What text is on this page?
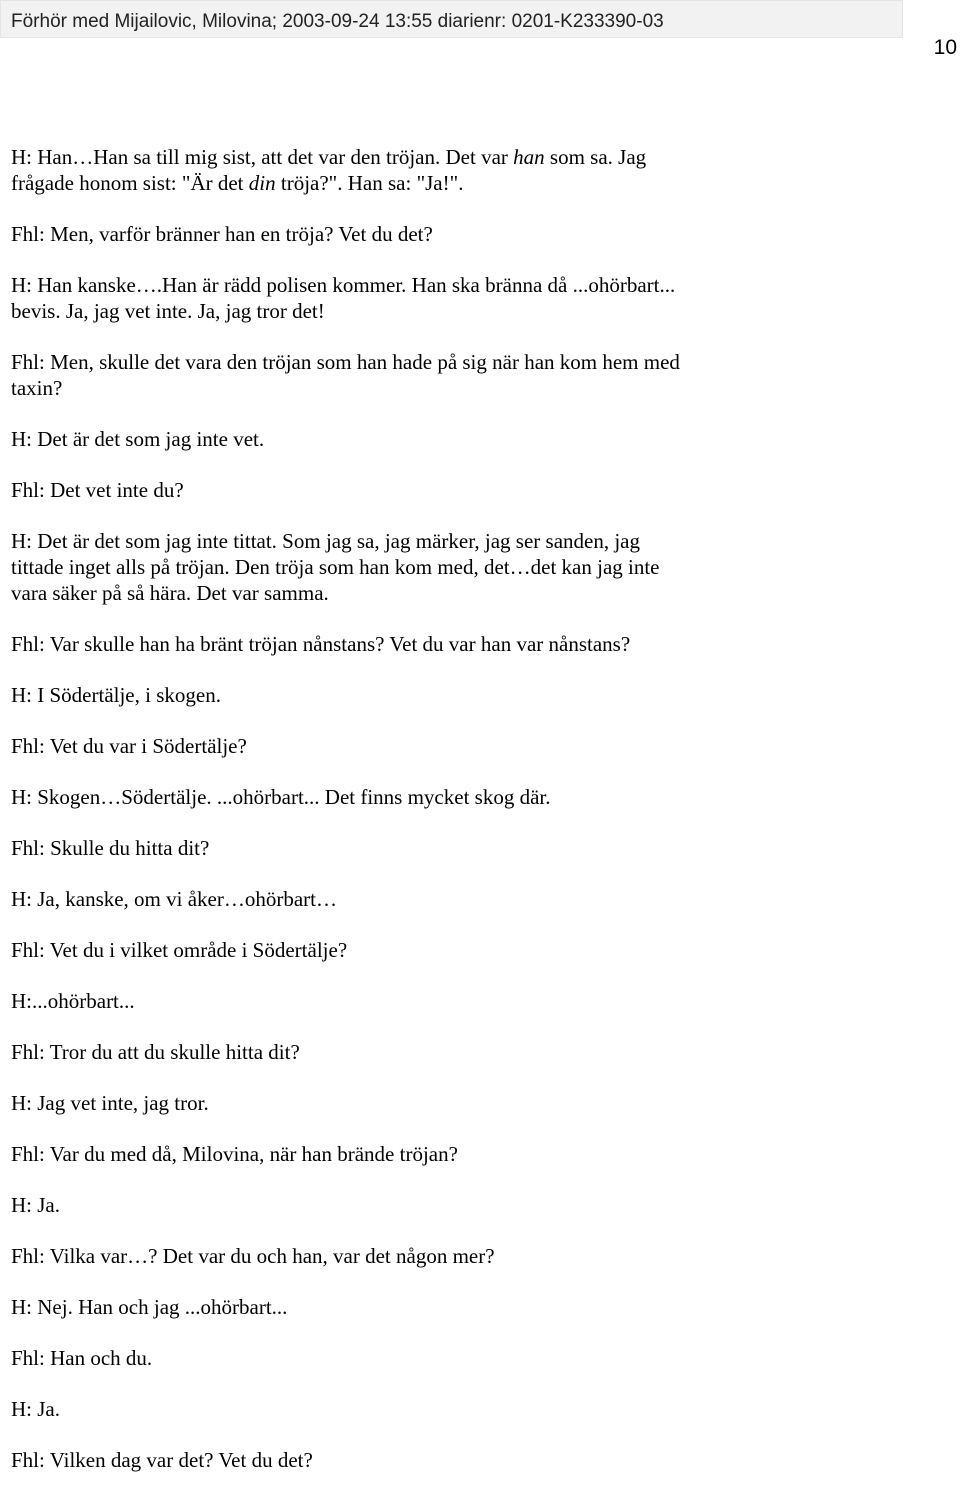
Förhör med Mijailovic, Milovina; 2003-09-24 13:55 diarienr: 0201-K233390-03
10

H: Han…Han sa till mig sist, att det var den tröjan. Det var han som sa. Jag
frågade honom sist: "Är det din tröja?". Han sa: "Ja!".

Fhl: Men, varför bränner han en tröja? Vet du det?

H: Han kanske….Han är rädd polisen kommer. Han ska bränna då ...ohörbart...
bevis. Ja, jag vet inte. Ja, jag tror det!

Fhl: Men, skulle det vara den tröjan som han hade på sig när han kom hem med
taxin?

H: Det är det som jag inte vet.

Fhl: Det vet inte du?

H: Det är det som jag inte tittat. Som jag sa, jag märker, jag ser sanden, jag
tittade inget alls på tröjan. Den tröja som han kom med, det…det kan jag inte
vara säker på så härа. Det var samma.

Fhl: Var skulle han ha bränt tröjan nånstans? Vet du var han var nånstans?

H: I Södertälje, i skogen.

Fhl: Vet du var i Södertälje?

H: Skogen…Södertälje. ...ohörbart... Det finns mycket skog där.

Fhl: Skulle du hitta dit?

H: Ja, kanske, om vi åker…ohörbart…

Fhl: Vet du i vilket område i Södertälje?

H:...ohörbart...

Fhl: Tror du att du skulle hitta dit?

H: Jag vet inte, jag tror.

Fhl: Var du med då, Milovina, när han brände tröjan?

H: Ja.

Fhl: Vilka var…? Det var du och han, var det någon mer?

H: Nej. Han och jag ...ohörbart...

Fhl: Han och du.

H: Ja.

Fhl: Vilken dag var det? Vet du det?
